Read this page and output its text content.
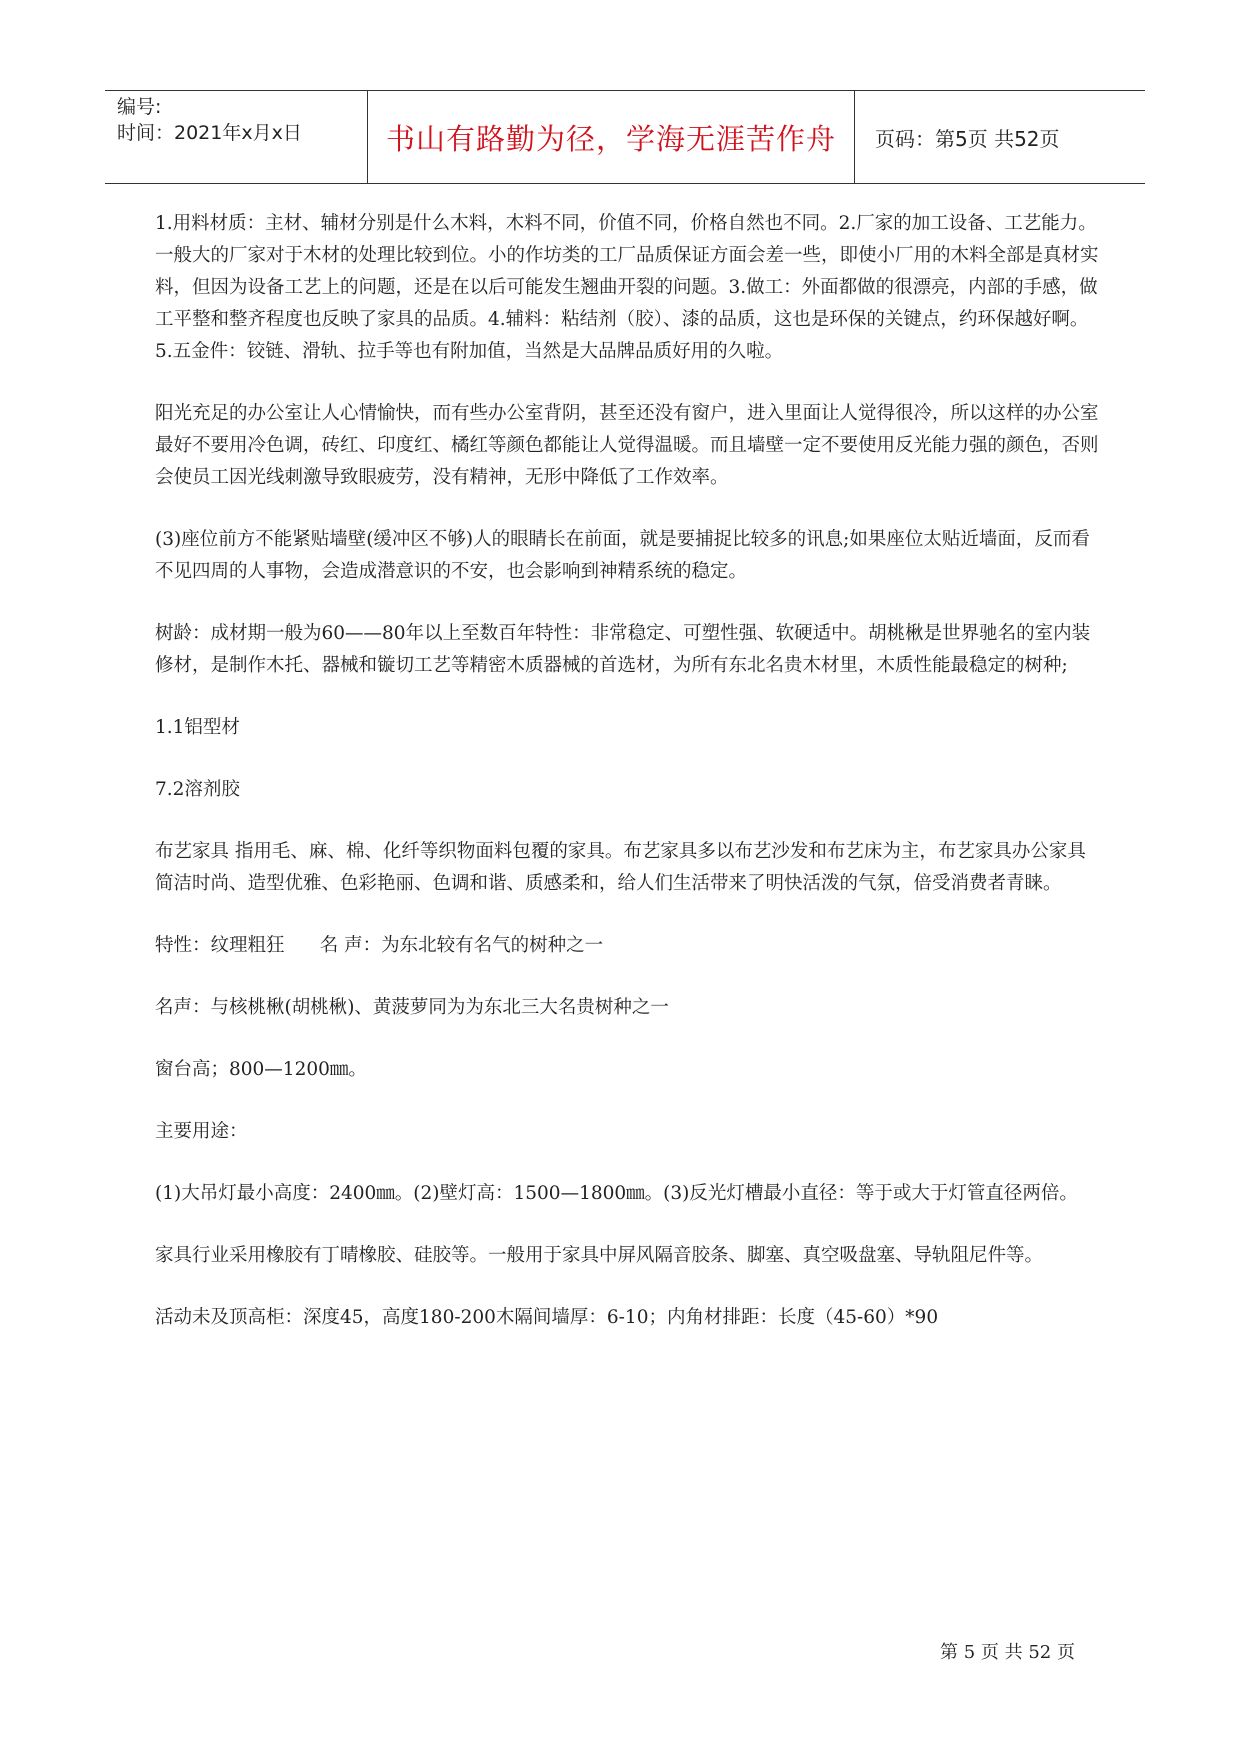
编号:
时间：2021年x月x日	书山有路勤为径，学海无涯苦作舟	页码：第5页 共52页

1.用料材质：主材、辅材分别是什么木料，木料不同，价值不同，价格自然也不同。2.厂家的加工设备、工艺能力。一般大的厂家对于木材的处理比较到位。小的作坊类的工厂品质保证方面会差一些，即使小厂用的木料全部是真材实料，但因为设备工艺上的问题，还是在以后可能发生翘曲开裂的问题。3.做工：外面都做的很漂亮，内部的手感，做工平整和整齐程度也反映了家具的品质。4.辅料：粘结剂（胶）、漆的品质，这也是环保的关键点，约环保越好啊。5.五金件：铰链、滑轨、拉手等也有附加值，当然是大品牌品质好用的久啦。

阳光充足的办公室让人心情愉快，而有些办公室背阴，甚至还没有窗户，进入里面让人觉得很冷，所以这样的办公室最好不要用冷色调，砖红、印度红、橘红等颜色都能让人觉得温暖。而且墙壁一定不要使用反光能力强的颜色，否则会使员工因光线刺激导致眼疲劳，没有精神，无形中降低了工作效率。

(3)座位前方不能紧贴墙壁(缓冲区不够)人的眼睛长在前面，就是要捕捉比较多的讯息;如果座位太贴近墙面，反而看不见四周的人事物，会造成潜意识的不安，也会影响到神精系统的稳定。

树龄：成材期一般为60——80年以上至数百年特性：非常稳定、可塑性强、软硬适中。胡桃楸是世界驰名的室内装修材，是制作木托、器械和镟切工艺等精密木质器械的首选材，为所有东北名贵木材里，木质性能最稳定的树种;

1.1铝型材

7.2溶剂胶

布艺家具 指用毛、麻、棉、化纤等织物面料包覆的家具。布艺家具多以布艺沙发和布艺床为主，布艺家具办公家具简洁时尚、造型优雅、色彩艳丽、色调和谐、质感柔和，给人们生活带来了明快活泼的气氛，倍受消费者青睐。

特性：纹理粗狂      名 声：为东北较有名气的树种之一

名声：与核桃楸(胡桃楸)、黄菠萝同为为东北三大名贵树种之一

窗台高；800—1200㎜。

主要用途：

(1)大吊灯最小高度：2400㎜。(2)壁灯高：1500—1800㎜。(3)反光灯槽最小直径：等于或大于灯管直径两倍。

家具行业采用橡胶有丁晴橡胶、硅胶等。一般用于家具中屏风隔音胶条、脚塞、真空吸盘塞、导轨阻尼件等。

活动未及顶高柜：深度45，高度180-200木隔间墙厚：6-10；内角材排距：长度（45-60）*90

第 5 页 共 52 页
